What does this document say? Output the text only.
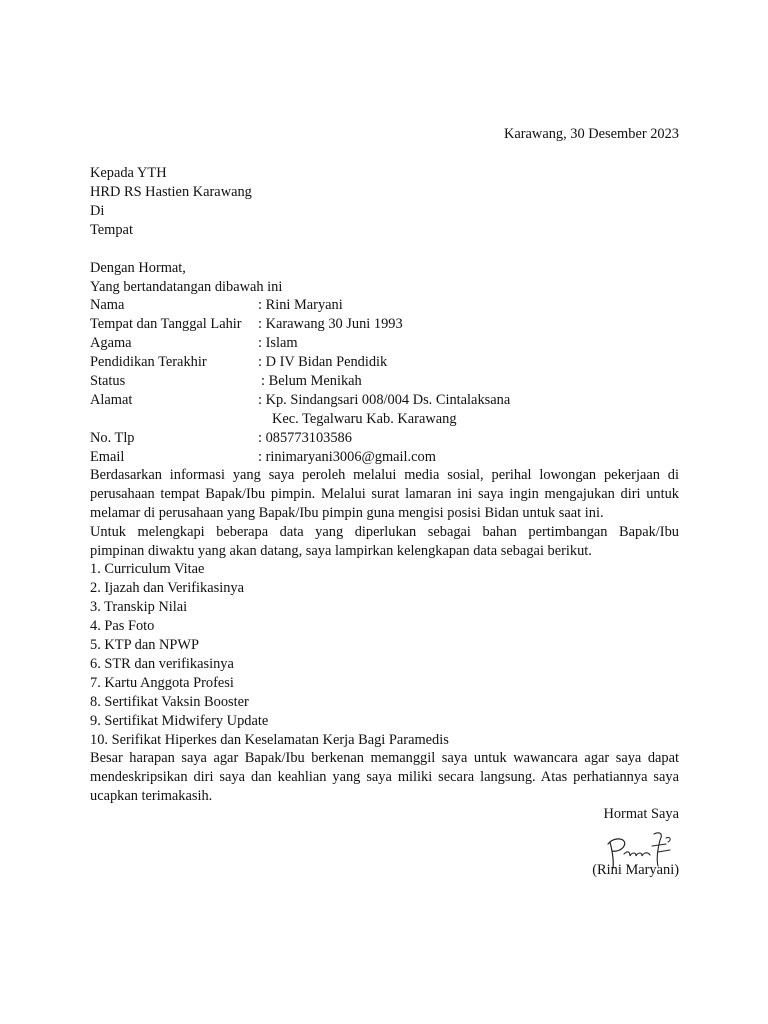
Karawang, 30 Desember 2023
Kepada YTH
HRD RS Hastien Karawang
Di
Tempat
Dengan Hormat,
Yang bertandatangan dibawah ini
Nama	: Rini Maryani
Tempat dan Tanggal Lahir : Karawang 30 Juni 1993
Agama	: Islam
Pendidikan Terakhir	: D IV Bidan Pendidik
Status	: Belum Menikah
Alamat	: Kp. Sindangsari 008/004 Ds. Cintalaksana
Kec. Tegalwaru Kab. Karawang
No. Tlp	: 085773103586
Email	: rinimaryani3006@gmail.com
Berdasarkan informasi yang saya peroleh melalui media sosial, perihal lowongan pekerjaan di
perusahaan tempat Bapak/Ibu pimpin. Melalui surat lamaran ini saya ingin mengajukan diri untuk
melamar di perusahaan yang Bapak/Ibu pimpin guna mengisi posisi Bidan untuk saat ini.
Untuk melengkapi beberapa data yang diperlukan sebagai bahan pertimbangan Bapak/Ibu
pimpinan diwaktu yang akan datang, saya lampirkan kelengkapan data sebagai berikut.
1. Curriculum Vitae
2. Ijazah dan Verifikasinya
3. Transkip Nilai
4. Pas Foto
5. KTP dan NPWP
6. STR dan verifikasinya
7. Kartu Anggota Profesi
8. Sertifikat Vaksin Booster
9. Sertifikat Midwifery Update
10. Serifikat Hiperkes dan Keselamatan Kerja Bagi Paramedis
Besar harapan saya agar Bapak/Ibu berkenan memanggil saya untuk wawancara agar saya dapat
mendeskripsikan diri saya dan keahlian yang saya miliki secara langsung. Atas perhatiannya saya
ucapkan terimakasih.
Hormat Saya
(Rini Maryani)
